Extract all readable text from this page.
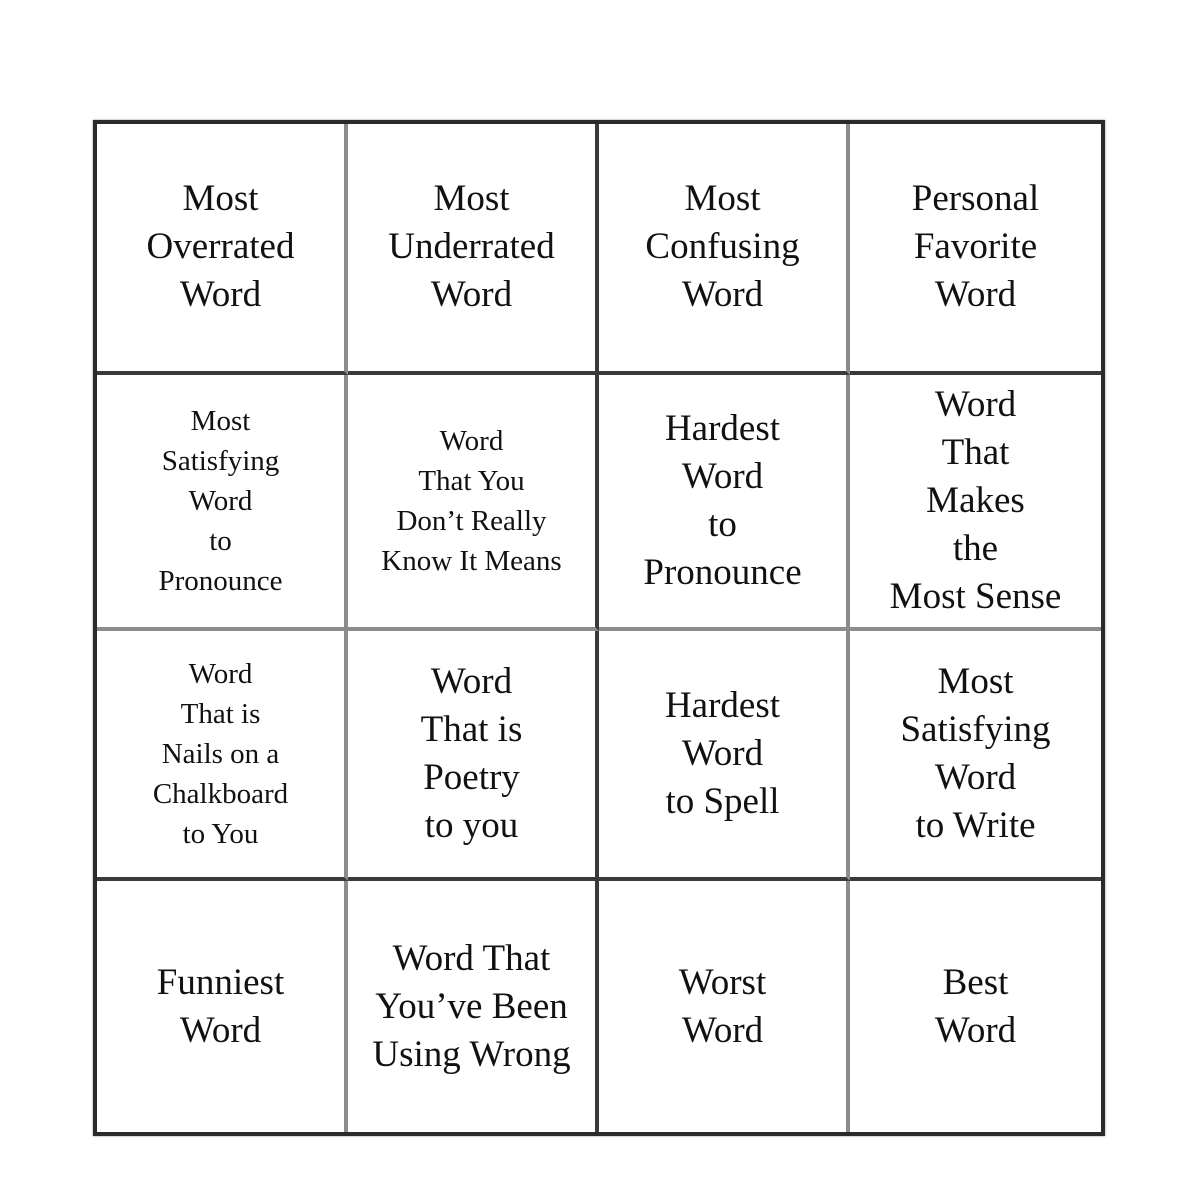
Most
Overrated
Word
Most
Underrated
Word
Most
Confusing
Word
Personal
Favorite
Word
Most
Satisfying
Word
to
Pronounce
Word
That You
Don’t Really
Know It Means
Hardest
Word
to
Pronounce
Word
That
Makes
the
Most Sense
Word
That is
Nails on a
Chalkboard
to You
Word
That is
Poetry
to you
Hardest
Word
to Spell
Most
Satisfying
Word
to Write
Funniest
Word
Word That
You’ve Been
Using Wrong
Worst
Word
Best
Word
